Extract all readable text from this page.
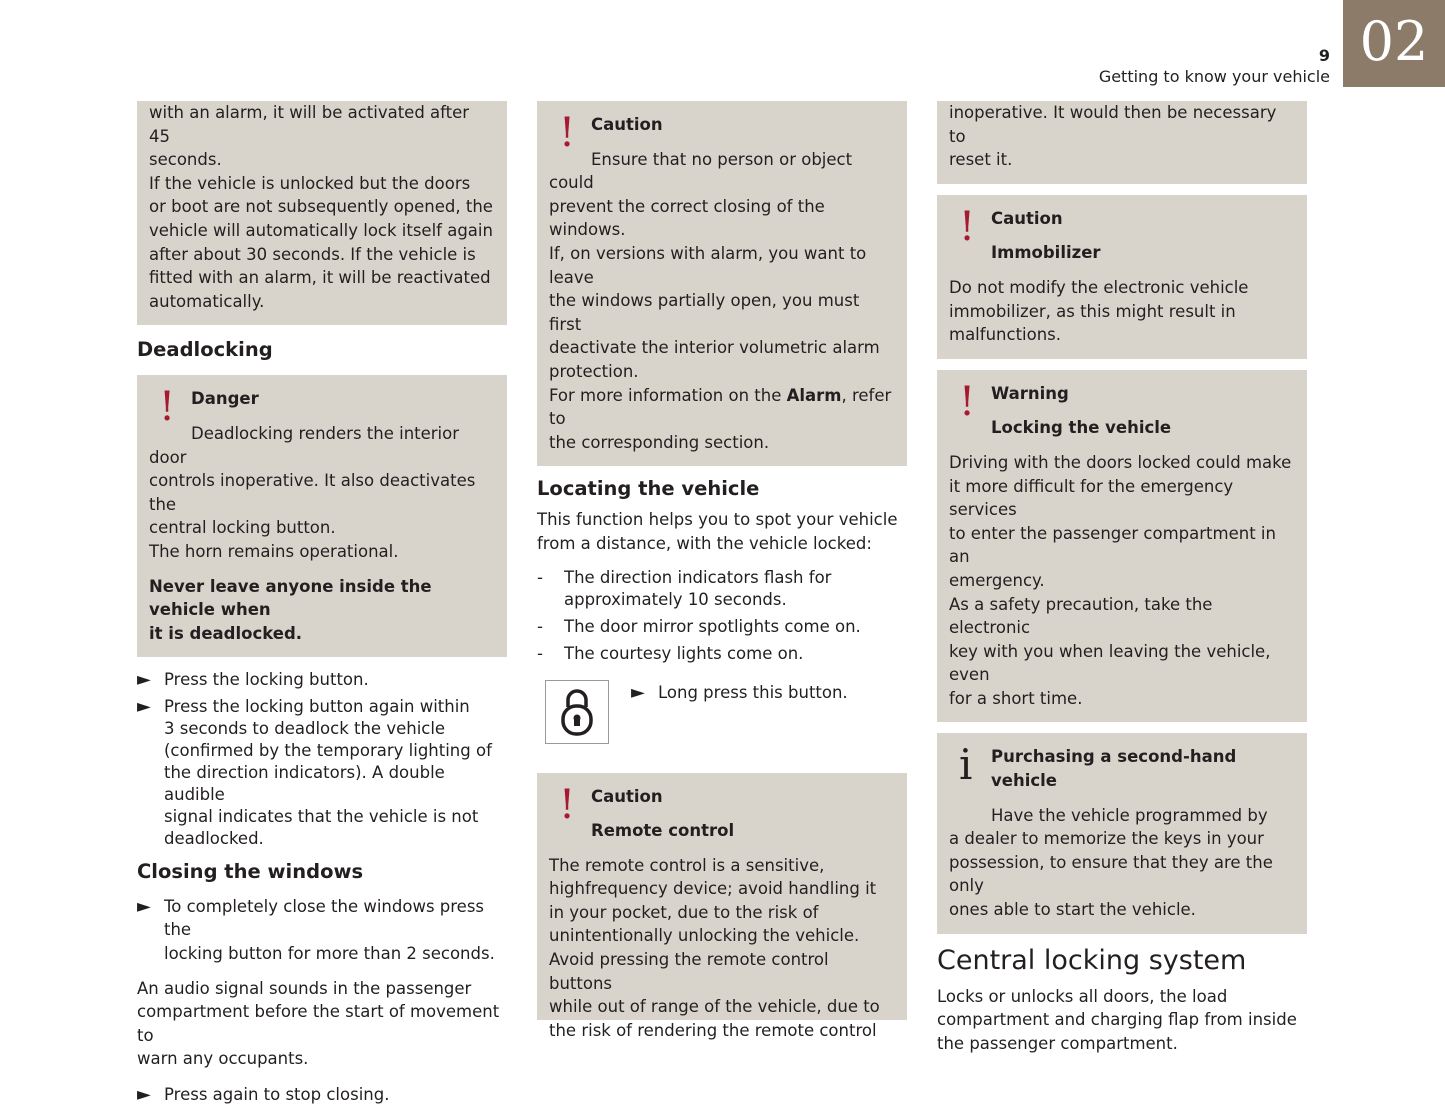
9
Getting to know your vehicle
02

with an alarm, it will be activated after 45

seconds.

If the vehicle is unlocked but the doors

or boot are not subsequently opened, the

vehicle will automatically lock itself again

after about 30 seconds. If the vehicle is

fitted with an alarm, it will be reactivated

automatically.

Deadlocking
! Danger

Deadlocking renders the interior door

controls inoperative. It also deactivates the

central locking button.

The horn remains operational.

Never leave anyone inside the vehicle when

it is deadlocked.

► Press the locking button.
► Press the locking button again within
3 seconds to deadlock the vehicle
(confirmed by the temporary lighting of
the direction indicators). A double audible
signal indicates that the vehicle is not
deadlocked.
Closing the windows
► To completely close the windows press the
locking button for more than 2 seconds.
An audio signal sounds in the passenger
compartment before the start of movement to
warn any occupants.
► Press again to stop closing.
! Caution

Ensure that no person or object could

prevent the correct closing of the windows.

If, on versions with alarm, you want to leave

the windows partially open, you must first

deactivate the interior volumetric alarm

protection.

For more information on the Alarm, refer to

the corresponding section.

Locating the vehicle
This function helps you to spot your vehicle
from a distance, with the vehicle locked:
- The direction indicators flash for
approximately 10 seconds.
- The door mirror spotlights come on.
- The courtesy lights come on.
► Long press this button.
! Caution

Remote control

The remote control is a sensitive,

highfrequency device; avoid handling it

in your pocket, due to the risk of

unintentionally unlocking the vehicle.

Avoid pressing the remote control buttons

while out of range of the vehicle, due to

the risk of rendering the remote control

inoperative. It would then be necessary to

reset it.

! Caution

Immobilizer

Do not modify the electronic vehicle

immobilizer, as this might result in

malfunctions.

! Warning

Locking the vehicle

Driving with the doors locked could make

it more difficult for the emergency services

to enter the passenger compartment in an

emergency.

As a safety precaution, take the electronic

key with you when leaving the vehicle, even

for a short time.

i	Purchasing a second-hand vehicle

Have the vehicle programmed by

a dealer to memorize the keys in your

possession, to ensure that they are the only

ones able to start the vehicle.

Central locking system
Locks or unlocks all doors, the load
compartment and charging flap from inside
the passenger compartment.
